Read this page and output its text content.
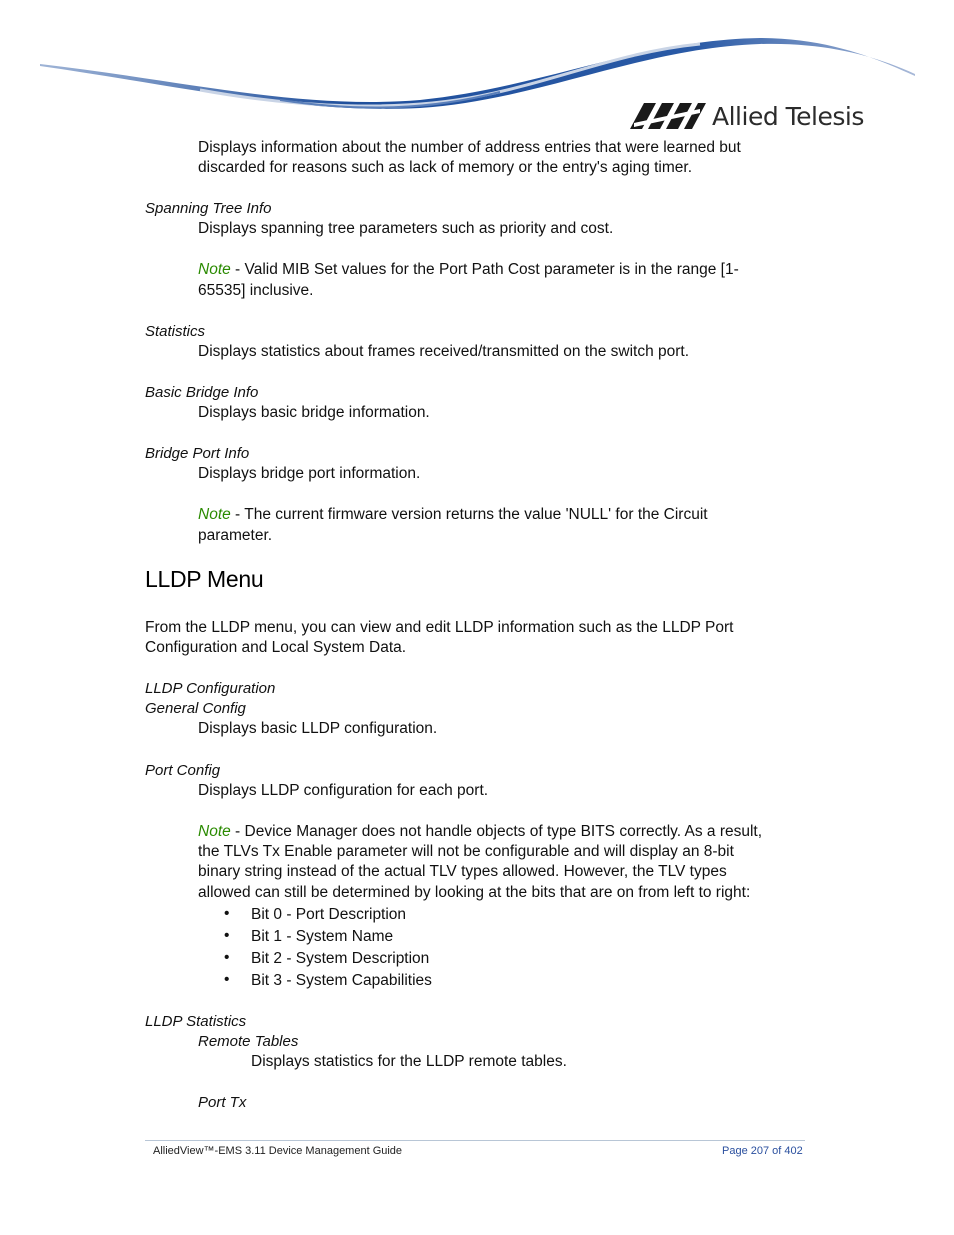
Allied Telesis
Displays information about the number of address entries that were learned but
discarded for reasons such as lack of memory or the entry's aging timer.
Spanning Tree Info
Displays spanning tree parameters such as priority and cost.
Note - Valid MIB Set values for the Port Path Cost parameter is in the range [1-
65535] inclusive.
Statistics
Displays statistics about frames received/transmitted on the switch port.
Basic Bridge Info
Displays basic bridge information.
Bridge Port Info
Displays bridge port information.
Note - The current firmware version returns the value 'NULL' for the Circuit
parameter.
LLDP Menu
From the LLDP menu, you can view and edit LLDP information such as the LLDP Port
Configuration and Local System Data.
LLDP Configuration
General Config
Displays basic LLDP configuration.
Port Config
Displays LLDP configuration for each port.
Note - Device Manager does not handle objects of type BITS correctly. As a result,
the TLVs Tx Enable parameter will not be configurable and will display an 8-bit
binary string instead of the actual TLV types allowed. However, the TLV types
allowed can still be determined by looking at the bits that are on from left to right:
• Bit 0 - Port Description
• Bit 1 - System Name
• Bit 2 - System Description
• Bit 3 - System Capabilities
LLDP Statistics
Remote Tables
Displays statistics for the LLDP remote tables.
Port Tx
AlliedView™-EMS 3.11 Device Management Guide	Page 207 of 402
